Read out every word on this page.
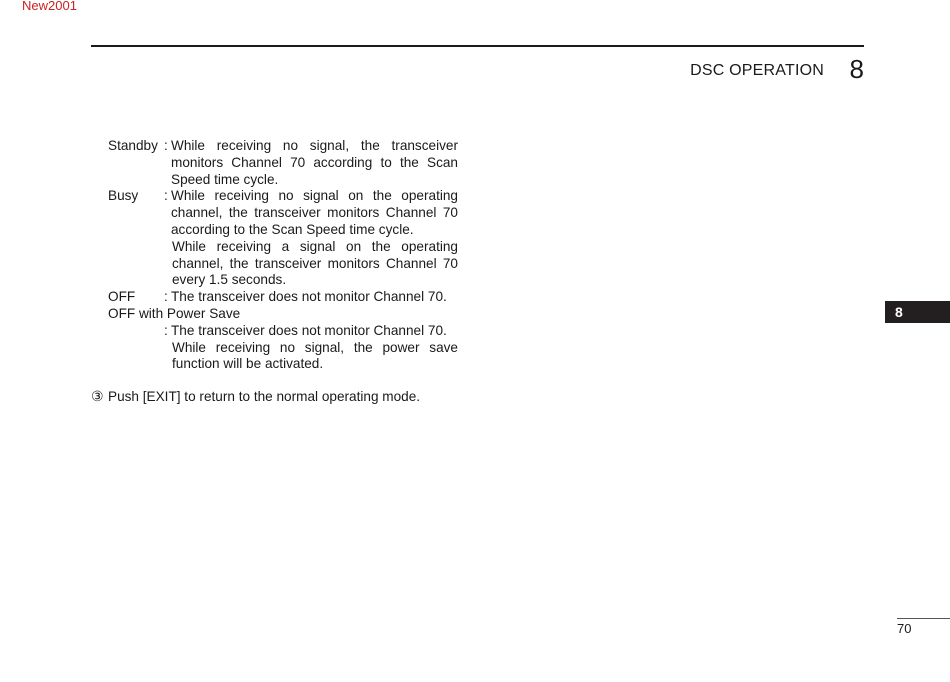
New2001
DSC OPERATION 8
8
Standby : While receiving no signal, the transceiver monitors Channel 70 according to the Scan Speed time cycle.

Busy	: While receiving no signal on the operating channel, the transceiver monitors Channel 70 according to the Scan Speed time cycle.

While receiving a signal on the operating channel, the transceiver monitors Channel 70 every 1.5 seconds.

OFF	: The transceiver does not monitor Channel 70.

OFF with Power Save
: The transceiver does not monitor Channel 70.

While receiving no signal, the power save function will be activated.

③ Push [EXIT] to return to the normal operating mode.
70
